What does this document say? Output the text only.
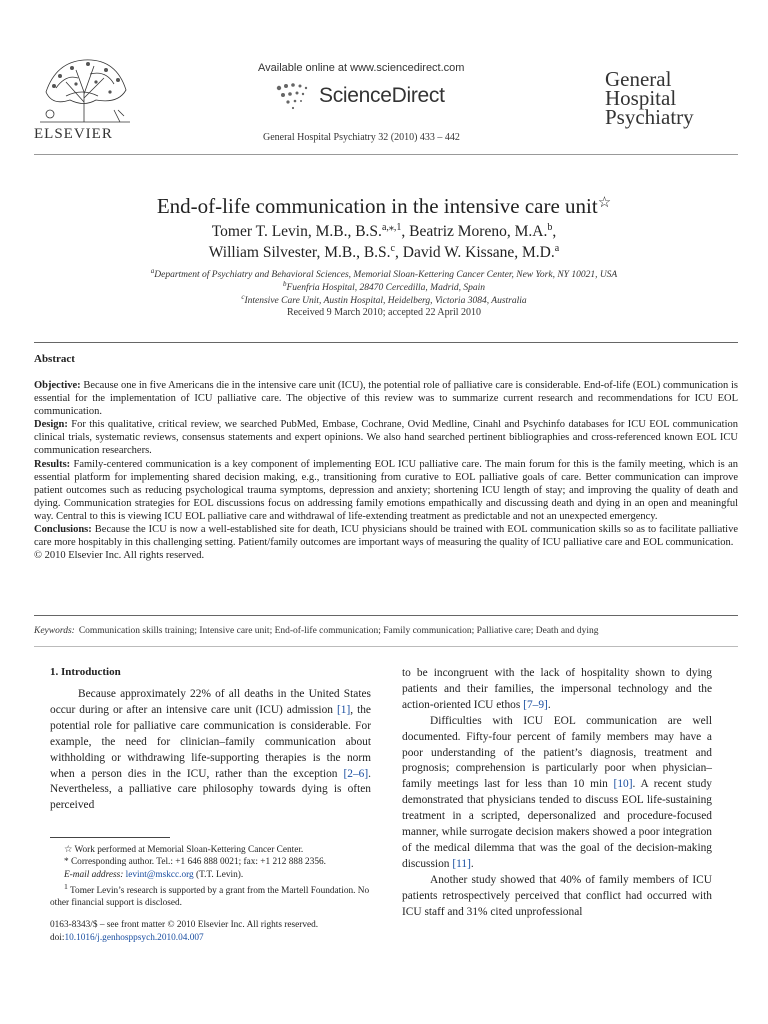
ELSEVIER
Available online at www.sciencedirect.com
ScienceDirect
General Hospital Psychiatry 32 (2010) 433 – 442
General
Hospital
Psychiatry
End-of-life communication in the intensive care unit☆
Tomer T. Levin, M.B., B.S.$^{a,⁎,1}$, Beatriz Moreno, M.A.$^b$,
William Silvester, M.B., B.S.$^c$, David W. Kissane, M.D.$^a$
$^a$Department of Psychiatry and Behavioral Sciences, Memorial Sloan-Kettering Cancer Center, New York, NY 10021, USA
$^b$Fuenfria Hospital, 28470 Cercedilla, Madrid, Spain
$^c$Intensive Care Unit, Austin Hospital, Heidelberg, Victoria 3084, Australia
Received 9 March 2010; accepted 22 April 2010
Abstract

Objective: Because one in five Americans die in the intensive care unit (ICU), the potential role of palliative care is considerable. End-of-life (EOL) communication is essential for the implementation of ICU palliative care. The objective of this review was to summarize current research and recommendations for ICU EOL communication.

Design: For this qualitative, critical review, we searched PubMed, Embase, Cochrane, Ovid Medline, Cinahl and Psychinfo databases for ICU EOL communication clinical trials, systematic reviews, consensus statements and expert opinions. We also hand searched pertinent bibliographies and cross-referenced known EOL ICU communication researchers.

Results: Family-centered communication is a key component of implementing EOL ICU palliative care. The main forum for this is the family meeting, which is an essential platform for implementing shared decision making, e.g., transitioning from curative to EOL palliative goals of care. Better communication can improve patient outcomes such as reducing psychological trauma symptoms, depression and anxiety; shortening ICU length of stay; and improving the quality of death and dying. Communication strategies for EOL discussions focus on addressing family emotions empathically and discussing death and dying in an open and meaningful way. Central to this is viewing ICU EOL palliative care and withdrawal of life-extending treatment as predictable and not an unexpected emergency.

Conclusions: Because the ICU is now a well-established site for death, ICU physicians should be trained with EOL communication skills so as to facilitate palliative care more hospitably in this challenging setting. Patient/family outcomes are important ways of measuring the quality of ICU palliative care and EOL communication.

© 2010 Elsevier Inc. All rights reserved.

Keywords: Communication skills training; Intensive care unit; End-of-life communication; Family communication; Palliative care; Death and dying
1. Introduction

Because approximately 22% of all deaths in the United States occur during or after an intensive care unit (ICU) admission [1], the potential role for palliative care communication is considerable. For example, the need for clinician–family communication about withholding or withdrawing life-supporting therapies is the norm when a person dies in the ICU, rather than the exception [2–6]. Nevertheless, a palliative care philosophy towards dying is often perceived

to be incongruent with the lack of hospitality shown to dying patients and their families, the impersonal technology and the action-oriented ICU ethos [7–9].

Difficulties with ICU EOL communication are well documented. Fifty-four percent of family members may have a poor understanding of the patient’s diagnosis, treatment and prognosis; comprehension is particularly poor when physician–family meetings last for less than 10 min [10]. A recent study demonstrated that physicians tended to discuss EOL life-sustaining treatment in a scripted, depersonalized and procedure-focused manner, while surrogate decision makers showed a poor integration of the medical dilemma that was the goal of the decision-making discussion [11].

Another study showed that 40% of family members of ICU patients retrospectively perceived that conflict had occurred with ICU staff and 31% cited unprofessional

☆ Work performed at Memorial Sloan-Kettering Cancer Center.

* Corresponding author. Tel.: +1 646 888 0021; fax: +1 212 888 2356.

E-mail address: levint@mskcc.org (T.T. Levin).

$^1$ Tomer Levin’s research is supported by a grant from the Martell Foundation. No other financial support is disclosed.

0163-8343/$ – see front matter © 2010 Elsevier Inc. All rights reserved.

doi:10.1016/j.genhosppsych.2010.04.007
